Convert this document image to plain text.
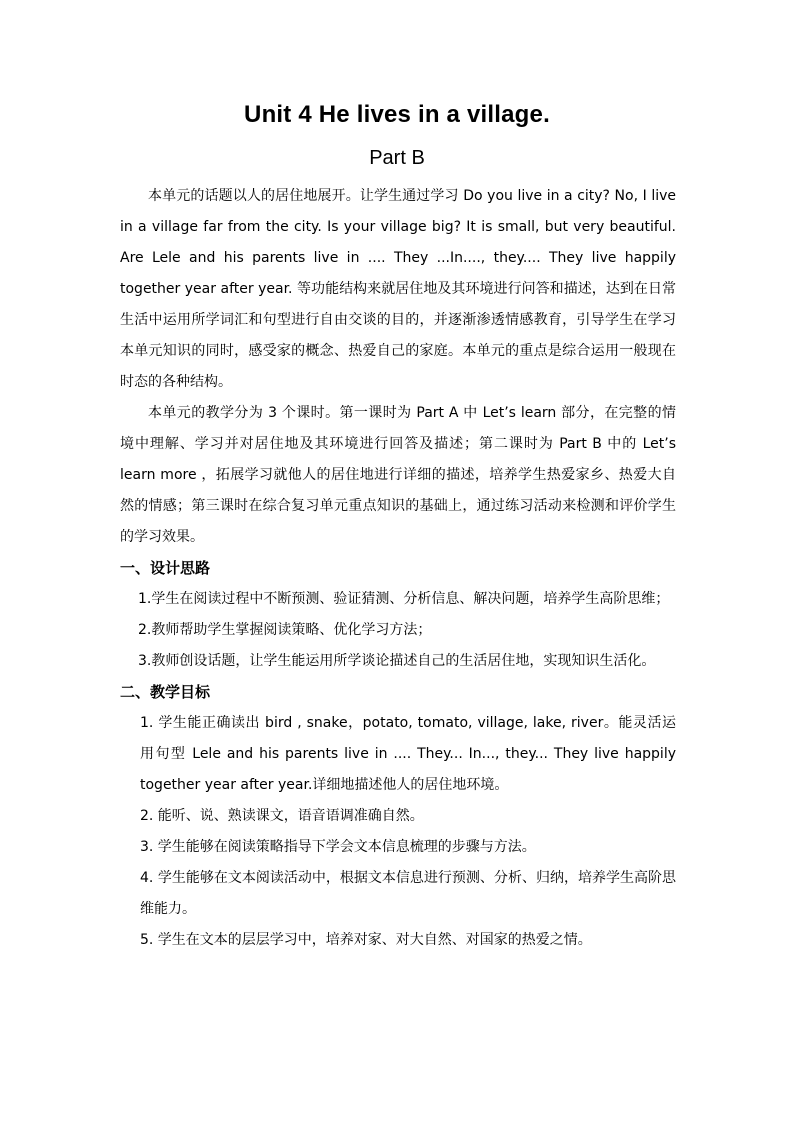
Unit 4 He lives in a village.
Part B

本单元的话题以人的居住地展开。让学生通过学习 Do you live in a city? No, I live in a village far from the city. Is your village big? It is small, but very beautiful. Are Lele and his parents live in .... They ...In...., they.... They live happily together year after year. 等功能结构来就居住地及其环境进行问答和描述，达到在日常生活中运用所学词汇和句型进行自由交谈的目的，并逐渐渗透情感教育，引导学生在学习本单元知识的同时，感受家的概念、热爱自己的家庭。本单元的重点是综合运用一般现在时态的各种结构。

本单元的教学分为 3 个课时。第一课时为 Part A 中 Let’s learn 部分，在完整的情境中理解、学习并对居住地及其环境进行回答及描述；第二课时为 Part B 中的 Let’s learn more ，拓展学习就他人的居住地进行详细的描述，培养学生热爱家乡、热爱大自然的情感；第三课时在综合复习单元重点知识的基础上，通过练习活动来检测和评价学生的学习效果。

一、设计思路

1.学生在阅读过程中不断预测、验证猜测、分析信息、解决问题，培养学生高阶思维；

2.教师帮助学生掌握阅读策略、优化学习方法；

3.教师创设话题，让学生能运用所学谈论描述自己的生活居住地，实现知识生活化。

二、教学目标

1. 学生能正确读出 bird , snake，potato, tomato, village, lake, river。能灵活运用句型 Lele and his parents live in .... They... In..., they... They live happily together year after year.详细地描述他人的居住地环境。

2. 能听、说、熟读课文，语音语调准确自然。

3. 学生能够在阅读策略指导下学会文本信息梳理的步骤与方法。

4. 学生能够在文本阅读活动中，根据文本信息进行预测、分析、归纳，培养学生高阶思维能力。

5. 学生在文本的层层学习中，培养对家、对大自然、对国家的热爱之情。
